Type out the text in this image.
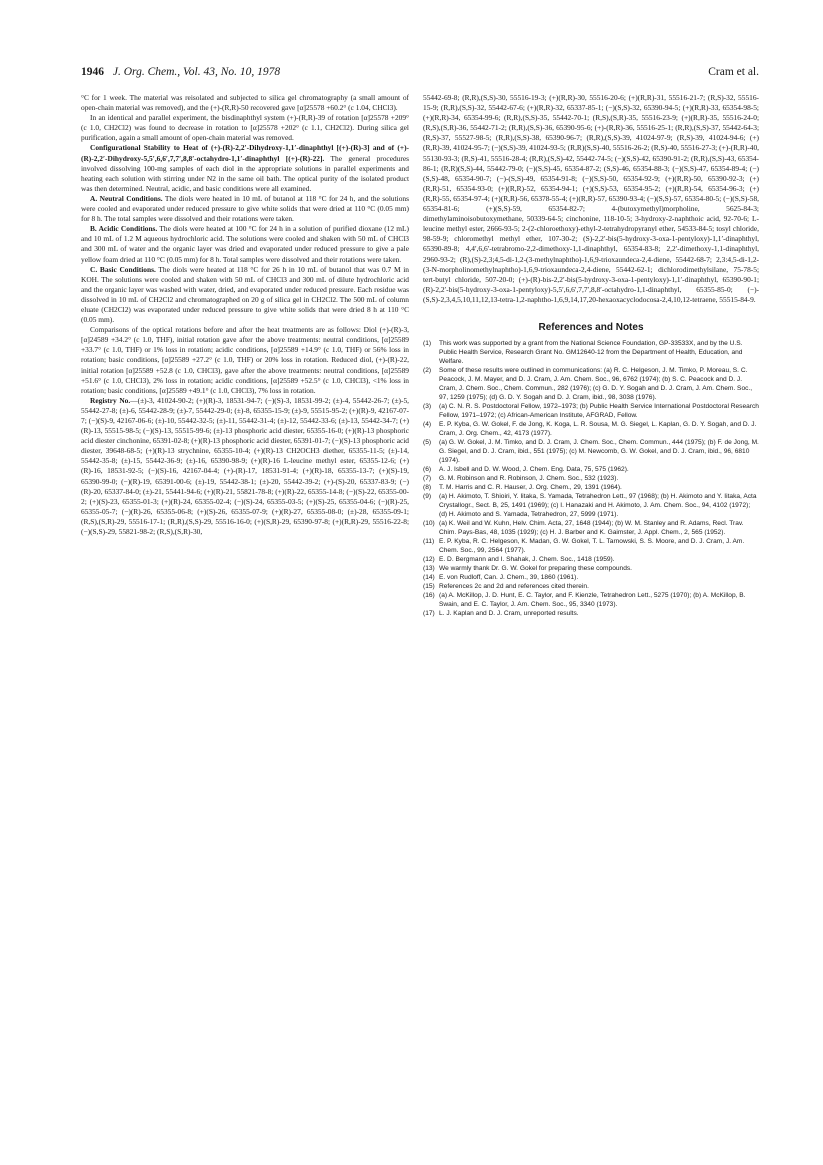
1946 J. Org. Chem., Vol. 43, No. 10, 1978	Cram et al.

°C for 1 week. The material was reisolated and subjected to silica gel chromatography (a small amount of open-chain material was removed), and the (+)-(R,R)-50 recovered gave [α]25578 +60.2° (c 1.04, CHCl3).

In an identical and parallel experiment, the bisdinaphthyl system (+)-(R,R)-39 of rotation [α]25578 +209° (c 1.0, CH2Cl2) was found to decrease in rotation to [α]25578 +202° (c 1.1, CH2Cl2). During silica gel purification, again a small amount of open-chain material was removed.

Configurational Stability to Heat of (+)-(R)-2,2′-Dihydroxy-1,1′-dinaphthyl [(+)-(R)-3] and of (+)-(R)-2,2′-Dihydroxy-5,5′,6,6′,7,7′,8,8′-octahydro-1,1′-dinaphthyl [(+)-(R)-22]. The general procedures involved dissolving 100-mg samples of each diol in the appropriate solutions in parallel experiments and heating each solution with stirring under N2 in the same oil bath. The optical purity of the isolated product was then determined. Neutral, acidic, and basic conditions were all examined.

A. Neutral Conditions. The diols were heated in 10 mL of butanol at 118 °C for 24 h, and the solutions were cooled and evaporated under reduced pressure to give white solids that were dried at 110 °C (0.05 mm) for 8 h. The total samples were dissolved and their rotations were taken.

B. Acidic Conditions. The diols were heated at 100 °C for 24 h in a solution of purified dioxane (12 mL) and 10 mL of 1.2 M aqueous hydrochloric acid. The solutions were cooled and shaken with 50 mL of CHCl3 and 300 mL of water and the organic layer was dried and evaporated under reduced pressure to give a pale yellow foam dried at 110 °C (0.05 mm) for 8 h. Total samples were dissolved and their rotations were taken.

C. Basic Conditions. The diols were heated at 118 °C for 26 h in 10 mL of butanol that was 0.7 M in KOH. The solutions were cooled and shaken with 50 mL of CHCl3 and 300 mL of dilute hydrochloric acid and the organic layer was washed with water, dried, and evaporated under reduced pressure. Each residue was dissolved in 10 mL of CH2Cl2 and chromatographed on 20 g of silica gel in CH2Cl2. The 500 mL of column eluate (CH2Cl2) was evaporated under reduced pressure to give white solids that were dried 8 h at 110 °C (0.05 mm).

Comparisons of the optical rotations before and after the heat treatments are as follows: Diol (+)-(R)-3, [α]24589 +34.2° (c 1.0, THF), initial rotation gave after the above treatments: neutral conditions, [α]25589 +33.7° (c 1.0, THF) or 1% loss in rotation; acidic conditions, [α]25589 +14.9° (c 1.0, THF) or 56% loss in rotation; basic conditions, [α]25589 +27.2° (c 1.0, THF) or 20% loss in rotation. Reduced diol, (+)-(R)-22, initial rotation [α]25589 +52.8 (c 1.0, CHCl3), gave after the above treatments: neutral conditions, [α]25589 +51.6° (c 1.0, CHCl3), 2% loss in rotation; acidic conditions, [α]25589 +52.5° (c 1.0, CHCl3), <1% loss in rotation; basic conditions, [α]25589 +49.1° (c 1.0, CHCl3), 7% loss in rotation.

Registry No.—(±)-3, 41024-90-2; (+)(R)-3, 18531-94-7; (−)(S)-3, 18531-99-2; (±)-4, 55442-26-7; (±)-5, 55442-27-8; (±)-6, 55442-28-9; (±)-7, 55442-29-0; (±)-8, 65355-15-9; (±)-9, 55515-95-2; (+)(R)-9, 42167-07-7; (−)(S)-9, 42167-06-6; (±)-10, 55442-32-5; (±)-11, 55442-31-4; (±)-12, 55442-33-6; (±)-13, 55442-34-7; (+)(R)-13, 55515-98-5; (−)(S)-13, 55515-99-6; (±)-13 phosphoric acid diester, 65355-16-0; (+)(R)-13 phosphoric acid diester cinchonine, 65391-02-8; (+)(R)-13 phosphoric acid diester, 65391-01-7; (−)(S)-13 phosphoric acid diester, 39648-68-5; (+)(R)-13 strychnine, 65355-10-4; (+)(R)-13 CH2OCH3 diether, 65355-11-5; (±)-14, 55442-35-8; (±)-15, 55442-36-9; (±)-16, 65390-98-9; (+)(R)-16 L-leucine methyl ester, 65355-12-6; (+)(R)-16, 18531-92-5; (−)(S)-16, 42167-04-4; (+)-(R)-17, 18531-91-4; (+)(R)-18, 65355-13-7; (+)(S)-19, 65390-99-0; (−)(R)-19, 65391-00-6; (±)-19, 55442-38-1; (±)-20, 55442-39-2; (+)-(S)-20, 65337-83-9; (−)(R)-20, 65337-84-0; (±)-21, 55441-94-6; (+)(R)-21, 55821-78-8; (+)(R)-22, 65355-14-8; (−)(S)-22, 65355-00-2; (+)(S)-23, 65355-01-3; (+)(R)-24, 65355-02-4; (−)(S)-24, 65355-03-5; (+)(S)-25, 65355-04-6; (−)(R)-25, 65355-05-7; (−)(R)-26, 65355-06-8; (+)(S)-26, 65355-07-9; (+)(R)-27, 65355-08-0; (±)-28, 65355-09-1; (R,S),(S,R)-29, 55516-17-1; (R,R),(S,S)-29, 55516-16-0; (+)(S,R)-29, 65390-97-8; (+)(R,R)-29, 55516-22-8; (−)(S,S)-29, 55821-98-2; (R,S),(S,R)-30,

55442-69-8; (R,R),(S,S)-30, 55516-19-3; (+)(R,R)-30, 55516-20-6; (+)(R,R)-31, 55516-21-7; (R,S)-32, 55516-15-9; (R,R),(S,S)-32, 55442-67-6; (+)(R,R)-32, 65337-85-1; (−)(S,S)-32, 65390-94-5; (+)(R,R)-33, 65354-98-5; (+)(R,R)-34, 65354-99-6; (R,R),(S,S)-35, 55442-70-1; (R,S),(S,R)-35, 55516-23-9; (+)(R,R)-35, 55516-24-0; (R,S),(S,R)-36, 55442-71-2; (R,R),(S,S)-36, 65390-95-6; (+)-(R,R)-36, 55516-25-1; (R,R),(S,S)-37, 55442-64-3; (R,S)-37, 55527-98-5; (R,R),(S,S)-38, 65390-96-7; (R,R),(S,S)-39, 41024-97-9; (R,S)-39, 41024-94-6; (+)(R,R)-39, 41024-95-7; (−)(S,S)-39, 41024-93-5; (R,R)(S,S)-40, 55516-26-2; (R,S)-40, 55516-27-3; (+)-(R,R)-40, 55130-93-3; (R,S)-41, 55516-28-4; (R,R),(S,S)-42, 55442-74-5; (−)(S,S)-42, 65390-91-2; (R,R),(S,S)-43, 65354-86-1; (R,R)(S,S)-44, 55442-79-0; (−)(S,S)-45, 65354-87-2; (S,S)-46, 65354-88-3; (−)(S,S)-47, 65354-89-4; (−)(S,S)-48, 65354-90-7; (−)-(S,S)-49, 65354-91-8; (−)(S,S)-50, 65354-92-9; (+)(R,R)-50, 65390-92-3; (+)(R,R)-51, 65354-93-0; (+)(R,R)-52, 65354-94-1; (+)(S,S)-53, 65354-95-2; (+)(R,R)-54, 65354-96-3; (+)(R,R)-55, 65354-97-4; (+)(R,R)-56, 65378-55-4; (+)(R,R)-57, 65390-93-4; (−)(S,S)-57, 65354-80-5; (−)(S,S)-58, 65354-81-6; (+)(S,S)-59, 65354-82-7; 4-(butoxymethyl)morpholine, 5625-84-3; dimethylaminoisobutoxymethane, 50339-64-5; cinchonine, 118-10-5; 3-hydroxy-2-naphthoic acid, 92-70-6; L-leucine methyl ester, 2666-93-5; 2-(2-chloroethoxy)-ethyl-2-tetrahydropyranyl ether, 54533-84-5; tosyl chloride, 98-59-9; chloromethyl methyl ether, 107-30-2; (S)-2,2′-bis(5-hydroxy-3-oxa-1-pentyloxy)-1,1′-dinaphthyl, 65390-89-8; 4,4′,6,6′-tetrabromo-2,2-dimethoxy-1,1-dinaphthyl, 65354-83-8; 2,2′-dimethoxy-1,1-dinaphthyl, 2960-93-2; (R),(S)-2,3;4,5-di-1,2-(3-methylnaphtho)-1,6,9-trioxaundeca-2,4-diene, 55442-68-7; 2,3:4,5-di-1,2-(3-N-morpholinomethylnaphtho)-1,6,9-trioxaundeca-2,4-diene, 55442-62-1; dichlorodimethylsilane, 75-78-5; tert-butyl chloride, 507-20-0; (+)-(R)-bis-2,2′-bis(5-hydroxy-3-oxa-1-pentyloxy)-1,1′-dinaphthyl, 65390-90-1; (R)-2,2′-bis(5-hydroxy-3-oxa-1-pentyloxy)-5,5′,6,6′,7,7′,8,8′-octahydro-1,1-dinaphthyl, 65355-85-0; (−)-(S,S)-2,3,4,5,10,11,12,13-tetra-1,2-naphtho-1,6,9,14,17,20-hexaoxacyclodocosa-2,4,10,12-tetraene, 55515-84-9.

References and Notes
(1) This work was supported by a grant from the National Science Foundation, GP-33533X, and by the U.S. Public Health Service, Research Grant No. GM12640-12 from the Department of Health, Education, and Welfare.
(2) Some of these results were outlined in communications: (a) R. C. Helgeson, J. M. Timko, P. Moreau, S. C. Peacock, J. M. Mayer, and D. J. Cram, J. Am. Chem. Soc., 96, 6762 (1974); (b) S. C. Peacock and D. J. Cram, J. Chem. Soc., Chem. Commun., 282 (1976); (c) G. D. Y. Sogah and D. J. Cram, J. Am. Chem. Soc., 97, 1259 (1975); (d) G. D. Y. Sogah and D. J. Cram, ibid., 98, 3038 (1976).
(3) (a) C. N. R. S. Postdoctoral Fellow, 1972–1973; (b) Public Health Service International Postdoctoral Research Fellow, 1971–1972; (c) African-American Institute, AFGRAD, Fellow.
(4) E. P. Kyba, G. W. Gokel, F. de Jong, K. Koga, L. R. Sousa, M. G. Siegel, L. Kaplan, G. D. Y. Sogah, and D. J. Cram, J. Org. Chem., 42, 4173 (1977).
(5) (a) G. W. Gokel, J. M. Timko, and D. J. Cram, J. Chem. Soc., Chem. Commun., 444 (1975); (b) F. de Jong, M. G. Siegel, and D. J. Cram, ibid., 551 (1975); (c) M. Newcomb, G. W. Gokel, and D. J. Cram, ibid., 96, 6810 (1974).
(6) A. J. Isbell and D. W. Wood, J. Chem. Eng. Data, 75, 575 (1962).
(7) G. M. Robinson and R. Robinson, J. Chem. Soc., 532 (1923).
(8) T. M. Harris and C. R. Hauser, J. Org. Chem., 29, 1391 (1964).
(9) (a) H. Akimoto, T. Shioiri, Y. Iitaka, S. Yamada, Tetrahedron Lett., 97 (1968); (b) H. Akimoto and Y. Iitaka, Acta Crystallogr., Sect. B, 25, 1491 (1969); (c) I. Hanazaki and H. Akimoto, J. Am. Chem. Soc., 94, 4102 (1972); (d) H. Akimoto and S. Yamada, Tetrahedron, 27, 5999 (1971).
(10) (a) K. Weil and W. Kuhn, Helv. Chim. Acta, 27, 1648 (1944); (b) W. M. Stanley and R. Adams, Recl. Trav. Chim. Pays-Bas, 48, 1035 (1929); (c) H. J. Barber and K. Gaimster, J. Appl. Chem., 2, 565 (1952).
(11) E. P. Kyba, R. C. Helgeson, K. Madan, G. W. Gokel, T. L. Tarnowski, S. S. Moore, and D. J. Cram, J. Am. Chem. Soc., 99, 2564 (1977).
(12) E. D. Bergmann and I. Shahak, J. Chem. Soc., 1418 (1959).
(13) We warmly thank Dr. G. W. Gokel for preparing these compounds.
(14) E. von Rudloff, Can. J. Chem., 39, 1860 (1961).
(15) References 2c and 2d and references cited therein.
(16) (a) A. McKillop, J. D. Hunt, E. C. Taylor, and F. Kienzle, Tetrahedron Lett., 5275 (1970); (b) A. McKillop, B. Swain, and E. C. Taylor, J. Am. Chem. Soc., 95, 3340 (1973).
(17) L. J. Kaplan and D. J. Cram, unreported results.
